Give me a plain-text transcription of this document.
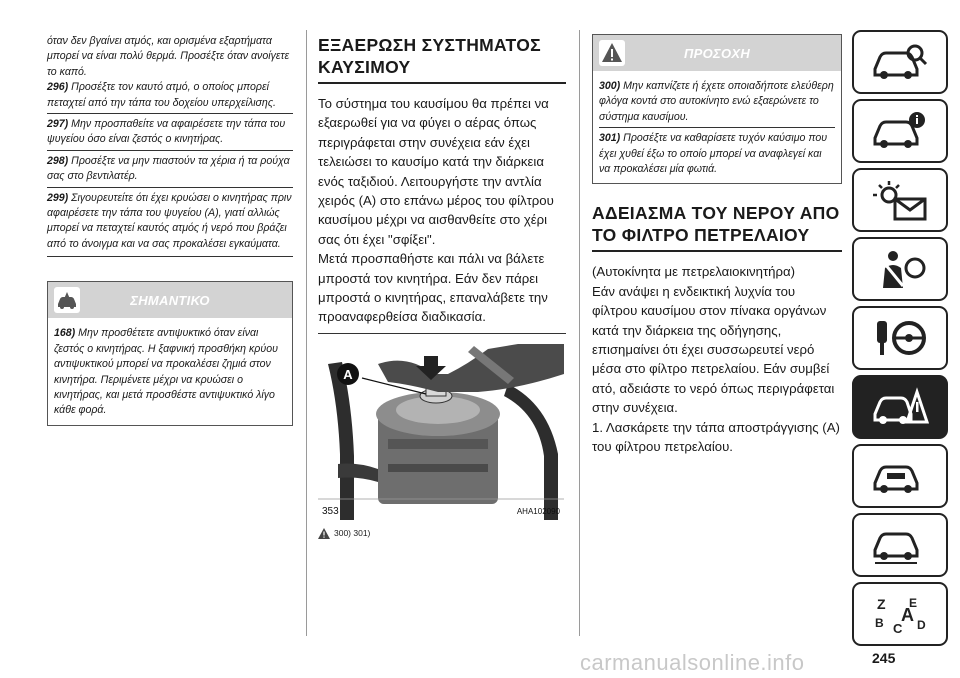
όταν δεν βγαίνει ατμός, και ορισμένα εξαρτήματα μπορεί να είναι πολύ θερμά. Προσέξτε όταν ανοίγετε το καπό.

296) Προσέξτε τον καυτό ατμό, ο οποίος μπορεί πεταχτεί από την τάπα του δοχείου υπερχείλισης.

297) Μην προσπαθείτε να αφαιρέσετε την τάπα του ψυγείου όσο είναι ζεστός ο κινητήρας.

298) Προσέξτε να μην πιαστούν τα χέρια ή τα ρούχα σας στο βεντιλατέρ.

299) Σιγουρευτείτε ότι έχει κρυώσει ο κινητήρας πριν αφαιρέσετε την τάπα του ψυγείου (A), γιατί αλλιώς μπορεί να πεταχτεί καυτός ατμός ή νερό που βράζει από το άνοιγμα και να σας προκαλέσει εγκαύματα.

ΣΗΜΑΝΤΙΚΟ

168) Μην προσθέτετε αντιψυκτικό όταν είναι ζεστός ο κινητήρας. Η ξαφνική προσθήκη κρύου αντιψυκτικού μπορεί να προκαλέσει ζημιά στον κινητήρα. Περιμένετε μέχρι να κρυώσει ο κινητήρας, και μετά προσθέστε αντιψυκτικό λίγο κάθε φορά.

ΕΞΑΕΡΩΣΗ ΣΥΣΤΗΜΑΤΟΣ ΚΑΥΣΙΜΟΥ

Το σύστημα του καυσίμου θα πρέπει να εξαερωθεί για να φύγει ο αέρας όπως περιγράφεται στην συνέχεια εάν έχει τελειώσει το καυσίμο κατά την διάρκεια ενός ταξιδιού. Λειτουργήστε την αντλία χειρός (A) στο επάνω μέρος του φίλτρου καυσίμου μέχρι να αισθανθείτε στο χέρι σας ότι έχει "σφίξει".

Μετά προσπαθήστε και πάλι να βάλετε μπροστά τον κινητήρα. Εάν δεν πάρει μπροστά ο κινητήρας, επαναλάβετε την προαναφερθείσα διαδικασία.

A
353	AHA102090
300) 301)
ΠΡΟΣΟΧΗ

300) Μην καπνίζετε ή έχετε οποιαδήποτε ελεύθερη φλόγα κοντά στο αυτοκίνητο ενώ εξαερώνετε το σύστημα καυσίμου.

301) Προσέξτε να καθαρίσετε τυχόν καύσιμο που έχει χυθεί έξω το οποίο μπορεί να αναφλεγεί και να προκαλέσει μία φωτιά.

ΑΔΕΙΑΣΜΑ ΤΟΥ ΝΕΡΟΥ ΑΠΟ ΤΟ ΦΙΛΤΡΟ ΠΕΤΡΕΛΑΙΟΥ

(Αυτοκίνητα με πετρελαιοκινητήρα)

Εάν ανάψει η ενδεικτική λυχνία του φίλτρου καυσίμου στον πίνακα οργάνων κατά την διάρκεια της οδήγησης, επισημαίνει ότι έχει συσσωρευτεί νερό μέσα στο φίλτρο πετρελαίου. Εάν συμβεί ατό, αδειάστε το νερό όπως περιγράφεται στην συνέχεια.

1. Λασκάρετε την τάπα αποστράγγισης (A) του φίλτρου πετρελαίου.

Z E
B C
A D
carmanualsonline.info	245
